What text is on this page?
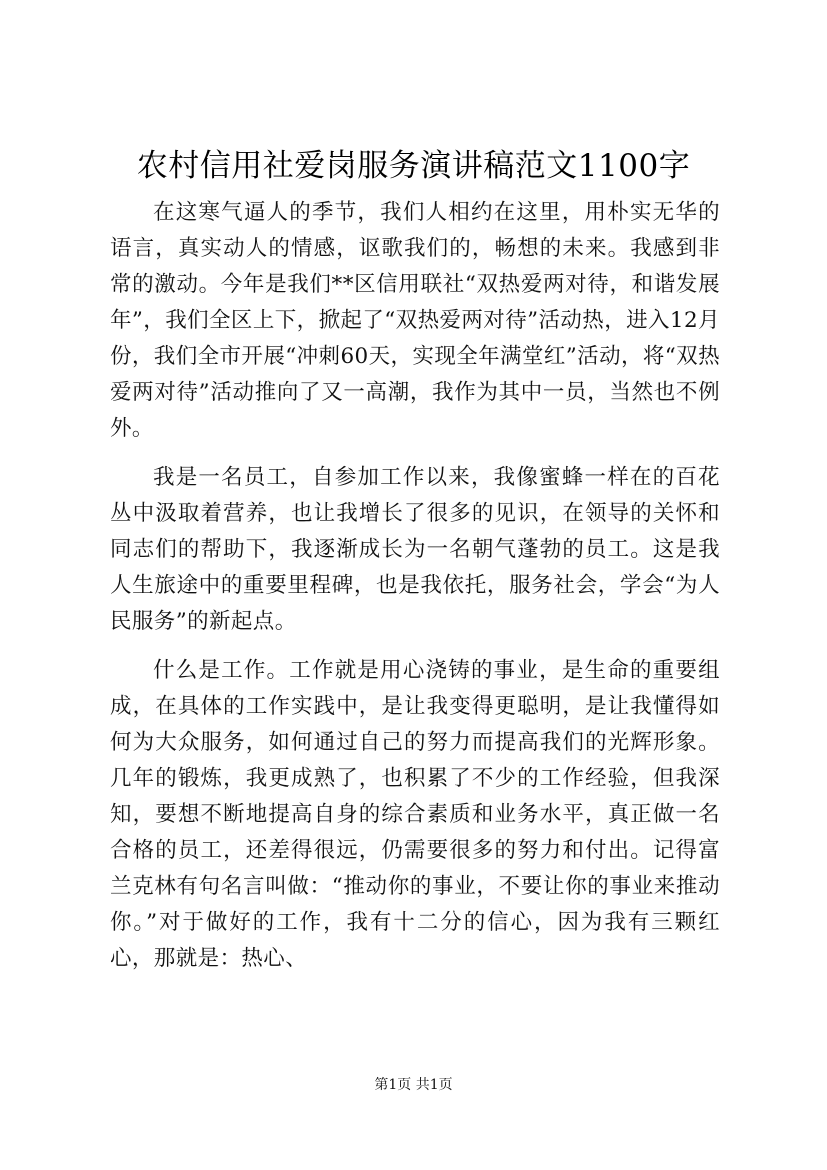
农村信用社爱岗服务演讲稿范文1100字

在这寒气逼人的季节，我们人相约在这里，用朴实无华的语言，真实动人的情感，讴歌我们的，畅想的未来。我感到非常的激动。今年是我们**区信用联社“双热爱两对待，和谐发展年”，我们全区上下，掀起了“双热爱两对待”活动热，进入12月份，我们全市开展“冲刺60天，实现全年满堂红”活动，将“双热爱两对待”活动推向了又一高潮，我作为其中一员，当然也不例外。

我是一名员工，自参加工作以来，我像蜜蜂一样在的百花丛中汲取着营养，也让我增长了很多的见识，在领导的关怀和同志们的帮助下，我逐渐成长为一名朝气蓬勃的员工。这是我人生旅途中的重要里程碑，也是我依托，服务社会，学会“为人民服务”的新起点。

什么是工作。工作就是用心浇铸的事业，是生命的重要组成，在具体的工作实践中，是让我变得更聪明，是让我懂得如何为大众服务，如何通过自己的努力而提高我们的光辉形象。几年的锻炼，我更成熟了，也积累了不少的工作经验，但我深知，要想不断地提高自身的综合素质和业务水平，真正做一名合格的员工，还差得很远，仍需要很多的努力和付出。记得富兰克林有句名言叫做：“推动你的事业，不要让你的事业来推动你。”对于做好的工作，我有十二分的信心，因为我有三颗红心，那就是：热心、

第1页 共1页
